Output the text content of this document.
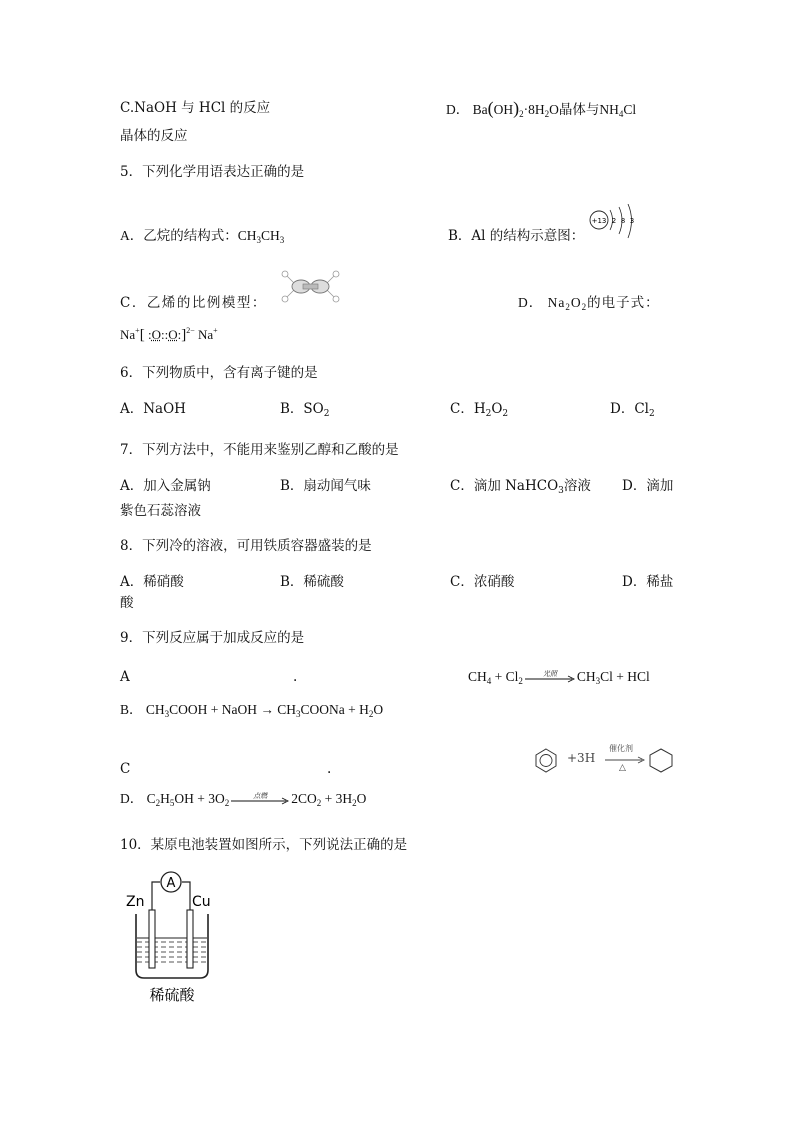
C.NaOH 与 HCl 的反应	D． $Ba(OH)_2\cdot 8H_2O$晶体与$NH_4Cl$
晶体的反应
5．下列化学用语表达正确的是
A．乙烷的结构式：$CH_3CH_3$	B．Al 的结构示意图：
+13 2 8 3
C．乙烯的比例模型：	D． $Na_2O_2$的电子式：
Na+[ :O::O:]$^{2-}$ Na+
6．下列物质中，含有离子键的是
A．NaOH	B．$SO_2$	C．$H_2O_2$	D．$Cl_2$
7．下列方法中，不能用来鉴别乙醇和乙酸的是
A．加入金属钠	B．扇动闻气味	C．滴加 NaHCO$_3$溶液 D．滴加
紫色石蕊溶液
8．下列冷的溶液，可用铁质容器盛装的是
A．稀硝酸	B．稀硫酸	C．浓硝酸	D．稀盐
酸
9．下列反应属于加成反应的是
A	.	$CH_4 + Cl_2$
光照	$CH_3Cl$ + HCl
B． $CH_3COOH$ + NaOH → $CH_3COONa + H_2O$
C	.
+3H
催化剂
△
D． $C_2H_5OH + 3O_2$
点燃	$2CO_2 + 3H_2O$
10．某原电池装置如图所示，下列说法正确的是
A
Zn	Cu
稀硫酸
